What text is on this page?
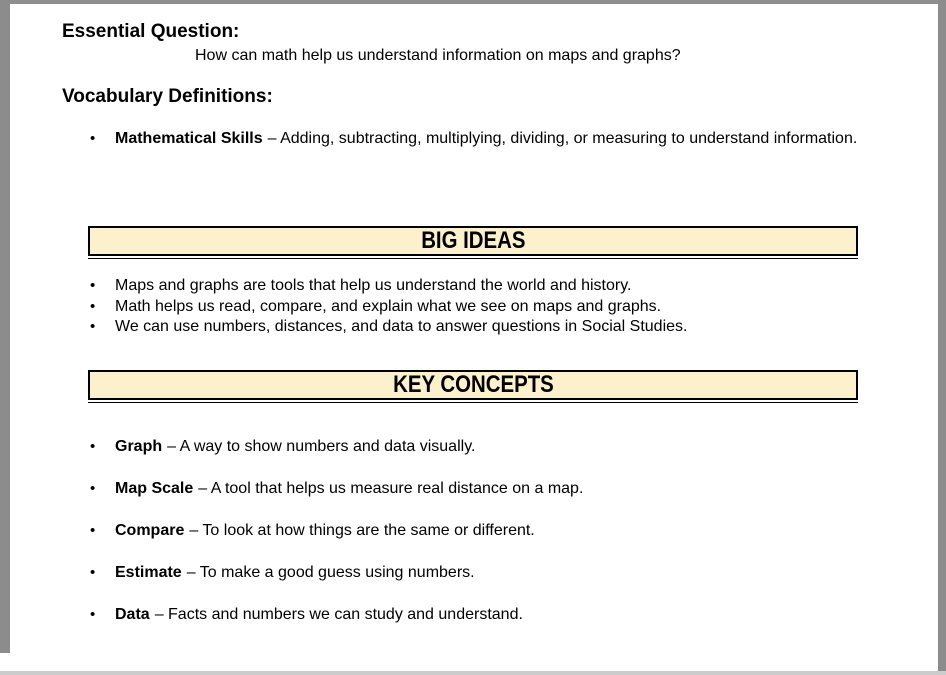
Essential Question:
How can math help us understand information on maps and graphs?
Vocabulary Definitions:
•	Mathematical Skills – Adding, subtracting, multiplying, dividing, or measuring to understand information.
BIG IDEAS
•	Maps and graphs are tools that help us understand the world and history.
•	Math helps us read, compare, and explain what we see on maps and graphs.
•	We can use numbers, distances, and data to answer questions in Social Studies.
KEY CONCEPTS
•	Graph – A way to show numbers and data visually.
•	Map Scale – A tool that helps us measure real distance on a map.
•	Compare – To look at how things are the same or different.
•	Estimate – To make a good guess using numbers.
•	Data – Facts and numbers we can study and understand.
